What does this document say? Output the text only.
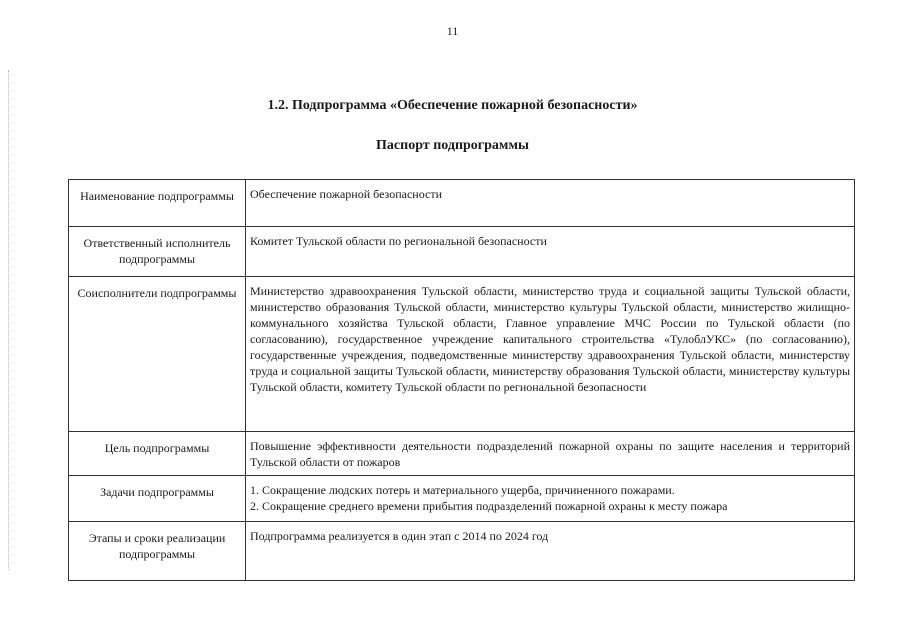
11
1.2. Подпрограмма «Обеспечение пожарной безопасности»
Паспорт подпрограммы
Наименование подпрограммы	Обеспечение пожарной безопасности
Ответственный исполнитель подпрограммы	Комитет Тульской области по региональной безопасности
Соисполнители подпрограммы	Министерство здравоохранения Тульской области, министерство труда и социальной защиты Тульской области, министерство образования Тульской области, министерство культуры Тульской области, министерство жилищно-коммунального хозяйства Тульской области, Главное управление МЧС России по Тульской области (по согласованию), государственное учреждение капитального строительства «ТулоблУКС» (по согласованию), государственные учреждения, подведомственные министерству здравоохранения Тульской области, министерству труда и социальной защиты Тульской области, министерству образования Тульской области, министерству культуры Тульской области, комитету Тульской области по региональной безопасности
Цель подпрограммы	Повышение эффективности деятельности подразделений пожарной охраны по защите населения и территорий Тульской области от пожаров
Задачи подпрограммы	1. Сокращение людских потерь и материального ущерба, причиненного пожарами.
2. Сокращение среднего времени прибытия подразделений пожарной охраны к месту пожара

Этапы и сроки реализации подпрограммы	Подпрограмма реализуется в один этап с 2014 по 2024 год
